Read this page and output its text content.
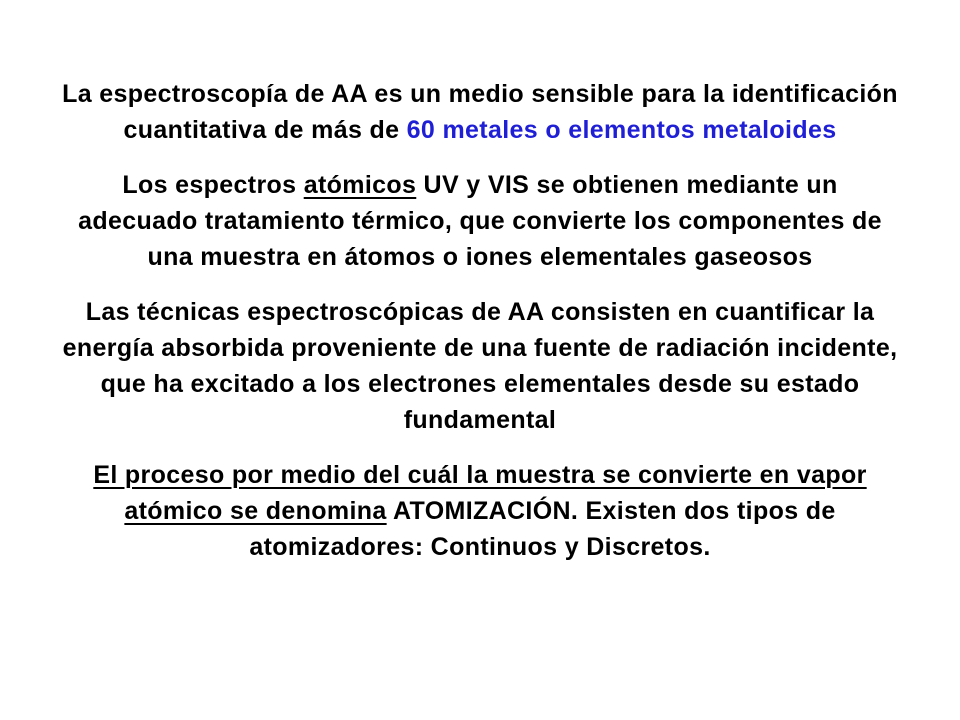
La espectroscopía de AA es un medio sensible para la identificación cuantitativa de más de 60 metales o elementos metaloides

Los espectros atómicos UV y VIS se obtienen mediante un adecuado tratamiento térmico, que convierte los componentes de una muestra en átomos o iones elementales gaseosos

Las técnicas espectroscópicas de AA consisten en cuantificar la energía absorbida proveniente de una fuente de radiación incidente, que ha excitado a los electrones elementales desde su estado fundamental

El proceso por medio del cuál la muestra se convierte en vapor atómico se denomina ATOMIZACIÓN. Existen dos tipos de atomizadores: Continuos y Discretos.
